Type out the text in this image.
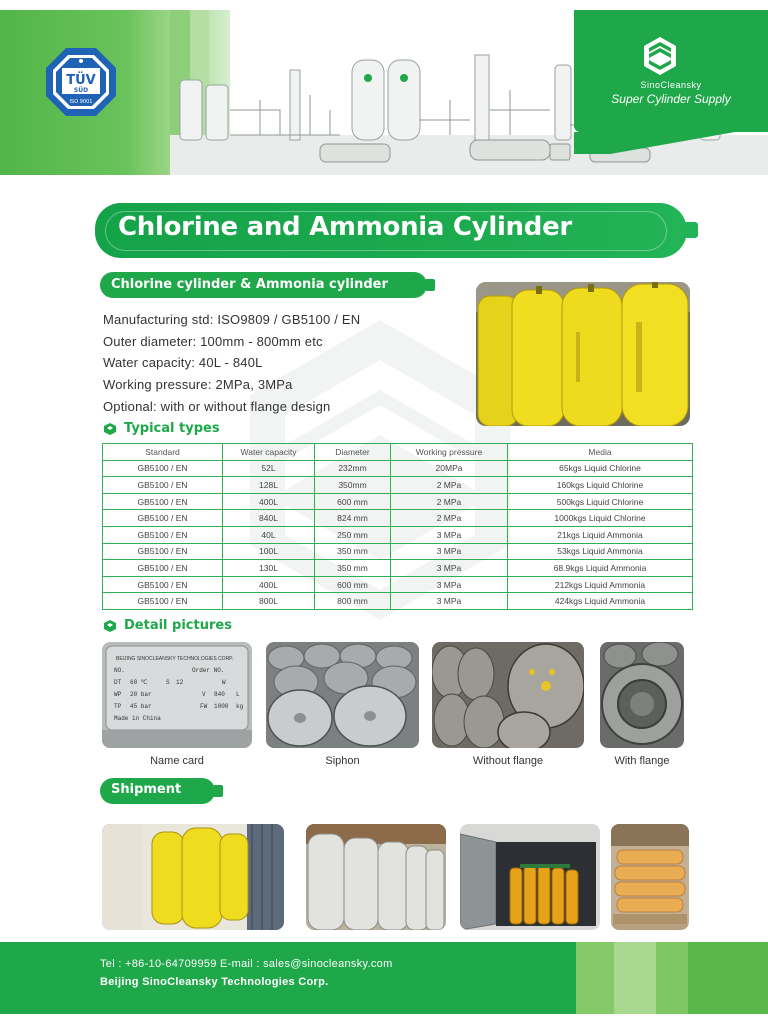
TÜV
SÜD
ISO 9001
SinoCleansky
Super Cylinder Supply
Chlorine and Ammonia Cylinder
Chlorine cylinder & Ammonia cylinder
Manufacturing std: ISO9809 / GB5100 / EN
Outer diameter: 100mm - 800mm etc
Water capacity: 40L - 840L
Working pressure: 2MPa, 3MPa
Optional: with or without flange design
Typical types
Standard	Water capacity	Diameter	Working pressure	Media
GB5100 / EN	52L	232mm	20MPa	65kgs Liquid Chlorine
GB5100 / EN	128L	350mm	2 MPa	160kgs Liquid Chlorine
GB5100 / EN	400L	600 mm	2 MPa	500kgs Liquid Chlorine
GB5100 / EN	840L	824 mm	2 MPa	1000kgs Liquid Chlorine
GB5100 / EN	40L	250 mm	3 MPa	21kgs Liquid Ammonia
GB5100 / EN	100L	350 mm	3 MPa	53kgs Liquid Ammonia
GB5100 / EN	130L	350 mm	3 MPa	68.9kgs Liquid Ammonia
GB5100 / EN	400L	600 mm	3 MPa	212kgs Liquid Ammonia
GB5100 / EN	800L	800 mm	3 MPa	424kgs Liquid Ammonia
Detail pictures
BEIJING SINOCLEANSKY TECHNOLOGIES CORP.
NO.	Order NO.
DT 60 ℃	S 12	W
WP 20 bar	V 840 L
TP 45 bar	FW 1000 kg
Made in China
Name card	Siphon	Without flange	With flange
Shipment
Tel : +86-10-64709959 E-mail : sales@sinocleansky.com
Beijing SinoCleansky Technologies Corp.
